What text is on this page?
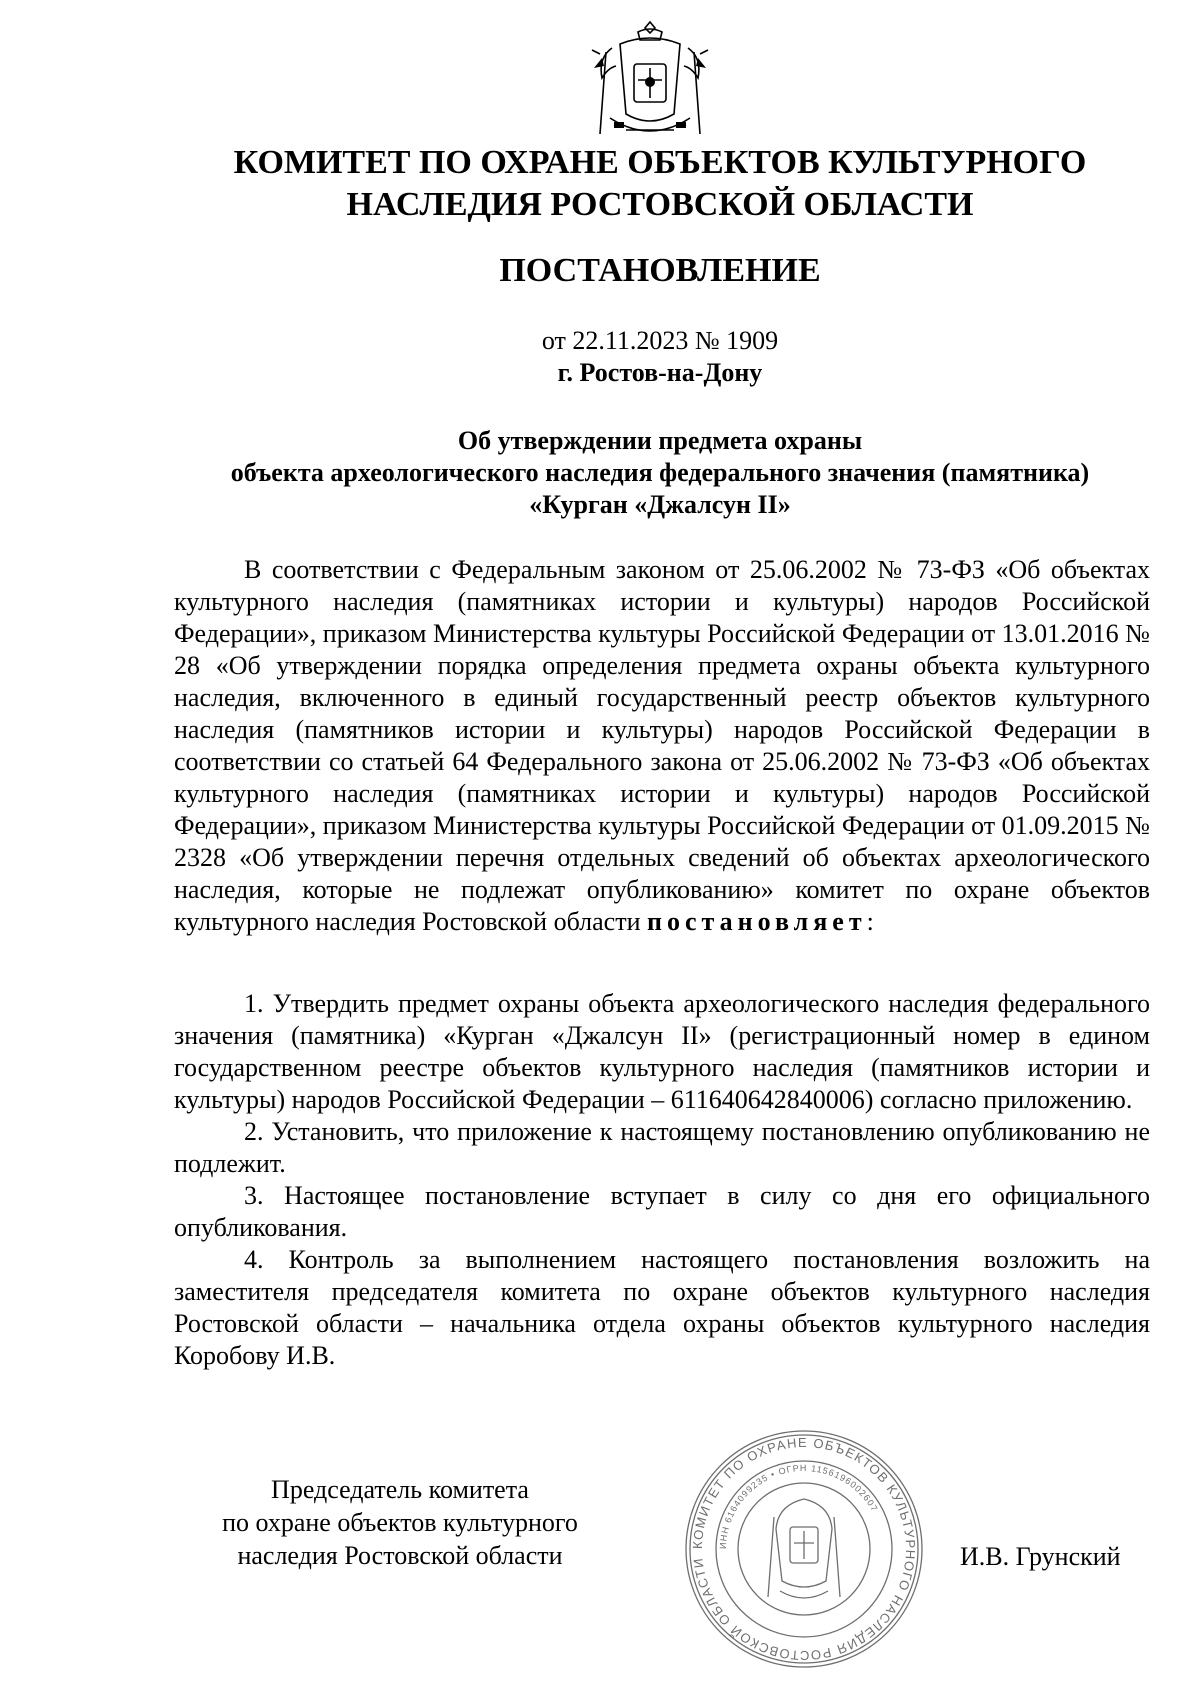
КОМИТЕТ ПО ОХРАНЕ ОБЪЕКТОВ КУЛЬТУРНОГО
НАСЛЕДИЯ РОСТОВСКОЙ ОБЛАСТИ
ПОСТАНОВЛЕНИЕ
от 22.11.2023 № 1909
г. Ростов-на-Дону
Об утверждении предмета охраны
объекта археологического наследия федерального значения (памятника)
«Курган «Джалсун II»

В соответствии с Федеральным законом от 25.06.2002 № 73-ФЗ «Об объектах культурного наследия (памятниках истории и культуры) народов Российской Федерации», приказом Министерства культуры Российской Федерации от 13.01.2016 № 28 «Об утверждении порядка определения предмета охраны объекта культурного наследия, включенного в единый государственный реестр объектов культурного наследия (памятников истории и культуры) народов Российской Федерации в соответствии со статьей 64 Федерального закона от 25.06.2002 № 73-ФЗ «Об объектах культурного наследия (памятниках истории и культуры) народов Российской Федерации», приказом Министерства культуры Российской Федерации от 01.09.2015 № 2328 «Об утверждении перечня отдельных сведений об объектах археологического наследия, которые не подлежат опубликованию» комитет по охране объектов культурного наследия Ростовской области постановляет:

1. Утвердить предмет охраны объекта археологического наследия федерального значения (памятника) «Курган «Джалсун II» (регистрационный номер в едином государственном реестре объектов культурного наследия (памятников истории и культуры) народов Российской Федерации – 611640642840006) согласно приложению.

2. Установить, что приложение к настоящему постановлению опубликованию не подлежит.

3. Настоящее постановление вступает в силу со дня его официального опубликования.

4. Контроль за выполнением настоящего постановления возложить на заместителя председателя комитета по охране объектов культурного наследия Ростовской области – начальника отдела охраны объектов культурного наследия Коробову И.В.

Председатель комитета
по охране объектов культурного
наследия Ростовской области	КОМИТЕТ ПО ОХРАНЕ ОБЪЕКТОВ КУЛЬТУРНОГО НАСЛЕДИЯ РОСТОВСКОЙ ОБЛАСТИ
ИНН 6164099235 • ОГРН 1156196002607
И.В. Грунский
